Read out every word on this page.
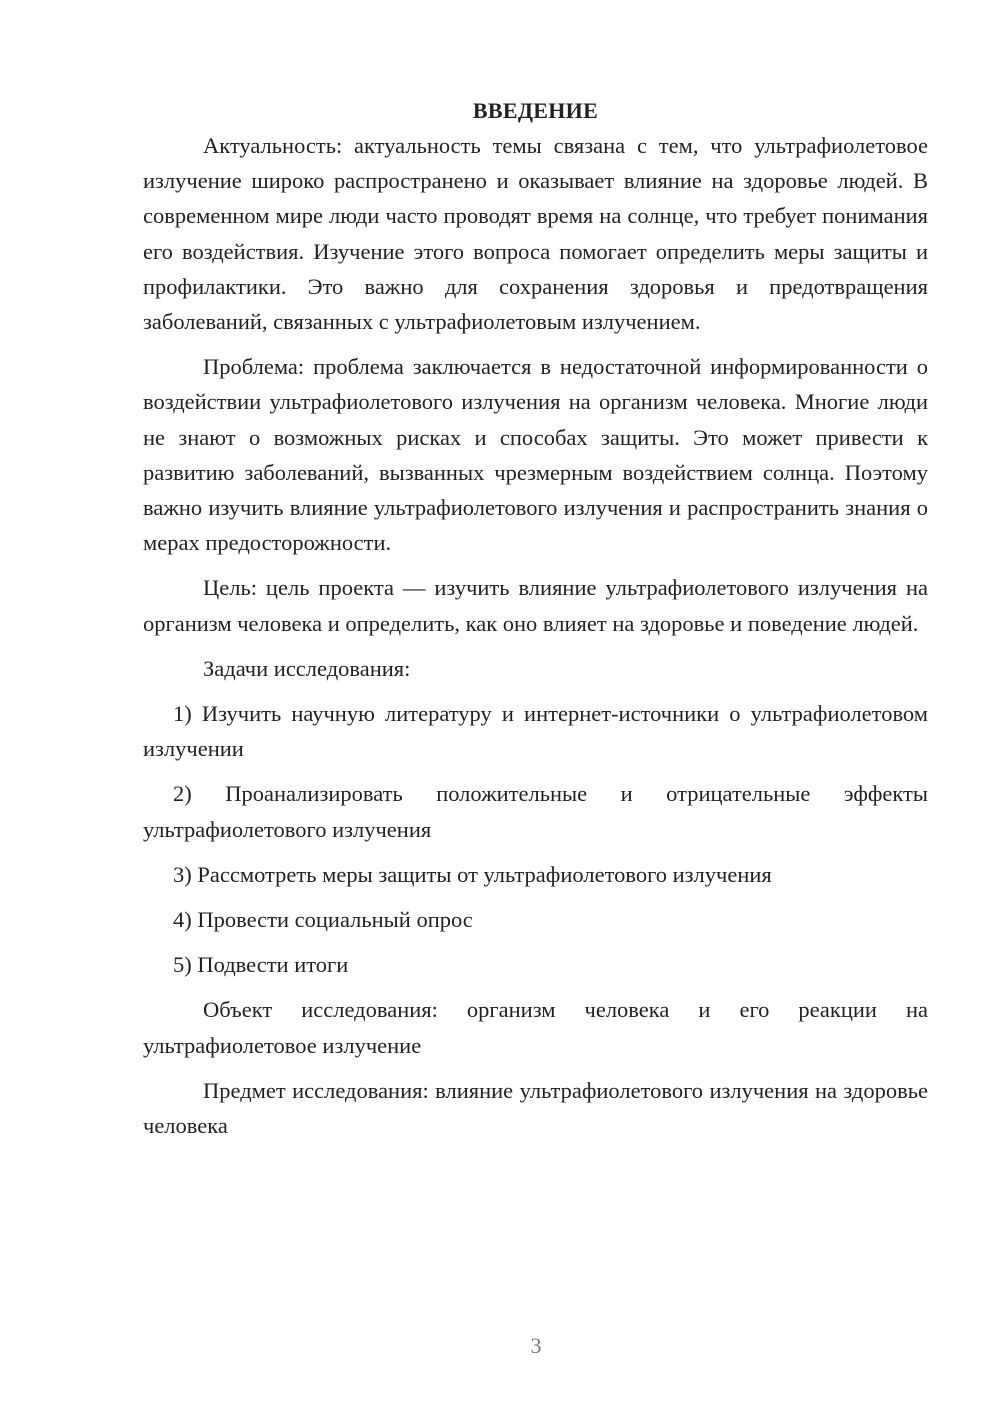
ВВЕДЕНИЕ

Актуальность: актуальность темы связана с тем, что ультрафиолетовое излучение широко распространено и оказывает влияние на здоровье людей. В современном мире люди часто проводят время на солнце, что требует понимания его воздействия. Изучение этого вопроса помогает определить меры защиты и профилактики. Это важно для сохранения здоровья и предотвращения заболеваний, связанных с ультрафиолетовым излучением.

Проблема: проблема заключается в недостаточной информированности о воздействии ультрафиолетового излучения на организм человека. Многие люди не знают о возможных рисках и способах защиты. Это может привести к развитию заболеваний, вызванных чрезмерным воздействием солнца. Поэтому важно изучить влияние ультрафиолетового излучения и распространить знания о мерах предосторожности.

Цель: цель проекта — изучить влияние ультрафиолетового излучения на организм человека и определить, как оно влияет на здоровье и поведение людей.

Задачи исследования:

1) Изучить научную литературу и интернет-источники о ультрафиолетовом излучении

2) Проанализировать положительные и отрицательные эффекты ультрафиолетового излучения

3) Рассмотреть меры защиты от ультрафиолетового излучения

4) Провести социальный опрос

5) Подвести итоги

Объект исследования: организм человека и его реакции на ультрафиолетовое излучение

Предмет исследования: влияние ультрафиолетового излучения на здоровье человека

3
